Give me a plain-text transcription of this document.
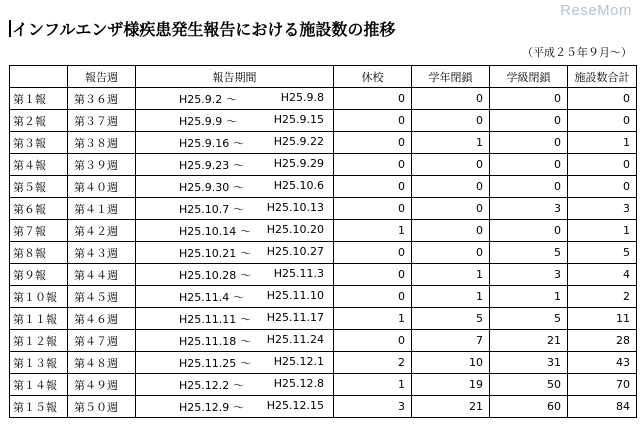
ReseMom
インフルエンザ様疾患発生報告における施設数の推移
（平成２５年９月～）
	報告週	報告期間	休校	学年閉鎖	学級閉鎖	施設数合計
第１報	第３６週	H25.9.2 ～ H25.9.8	0	0	0	0
第２報	第３７週	H25.9.9 ～ H25.9.15	0	0	0	0
第３報	第３８週	H25.9.16 ～ H25.9.22	0	1	0	1
第４報	第３９週	H25.9.23 ～ H25.9.29	0	0	0	0
第５報	第４０週	H25.9.30 ～ H25.10.6	0	0	0	0
第６報	第４１週	H25.10.7 ～ H25.10.13	0	0	3	3
第７報	第４２週	H25.10.14 ～ H25.10.20	1	0	0	1
第８報	第４３週	H25.10.21 ～ H25.10.27	0	0	5	5
第９報	第４４週	H25.10.28 ～ H25.11.3	0	1	3	4
第１０報	第４５週	H25.11.4 ～ H25.11.10	0	1	1	2
第１１報	第４６週	H25.11.11 ～ H25.11.17	1	5	5	11
第１２報	第４７週	H25.11.18 ～ H25.11.24	0	7	21	28
第１３報	第４８週	H25.11.25 ～ H25.12.1	2	10	31	43
第１４報	第４９週	H25.12.2 ～ H25.12.8	1	19	50	70
第１５報	第５０週	H25.12.9 ～ H25.12.15	3	21	60	84
